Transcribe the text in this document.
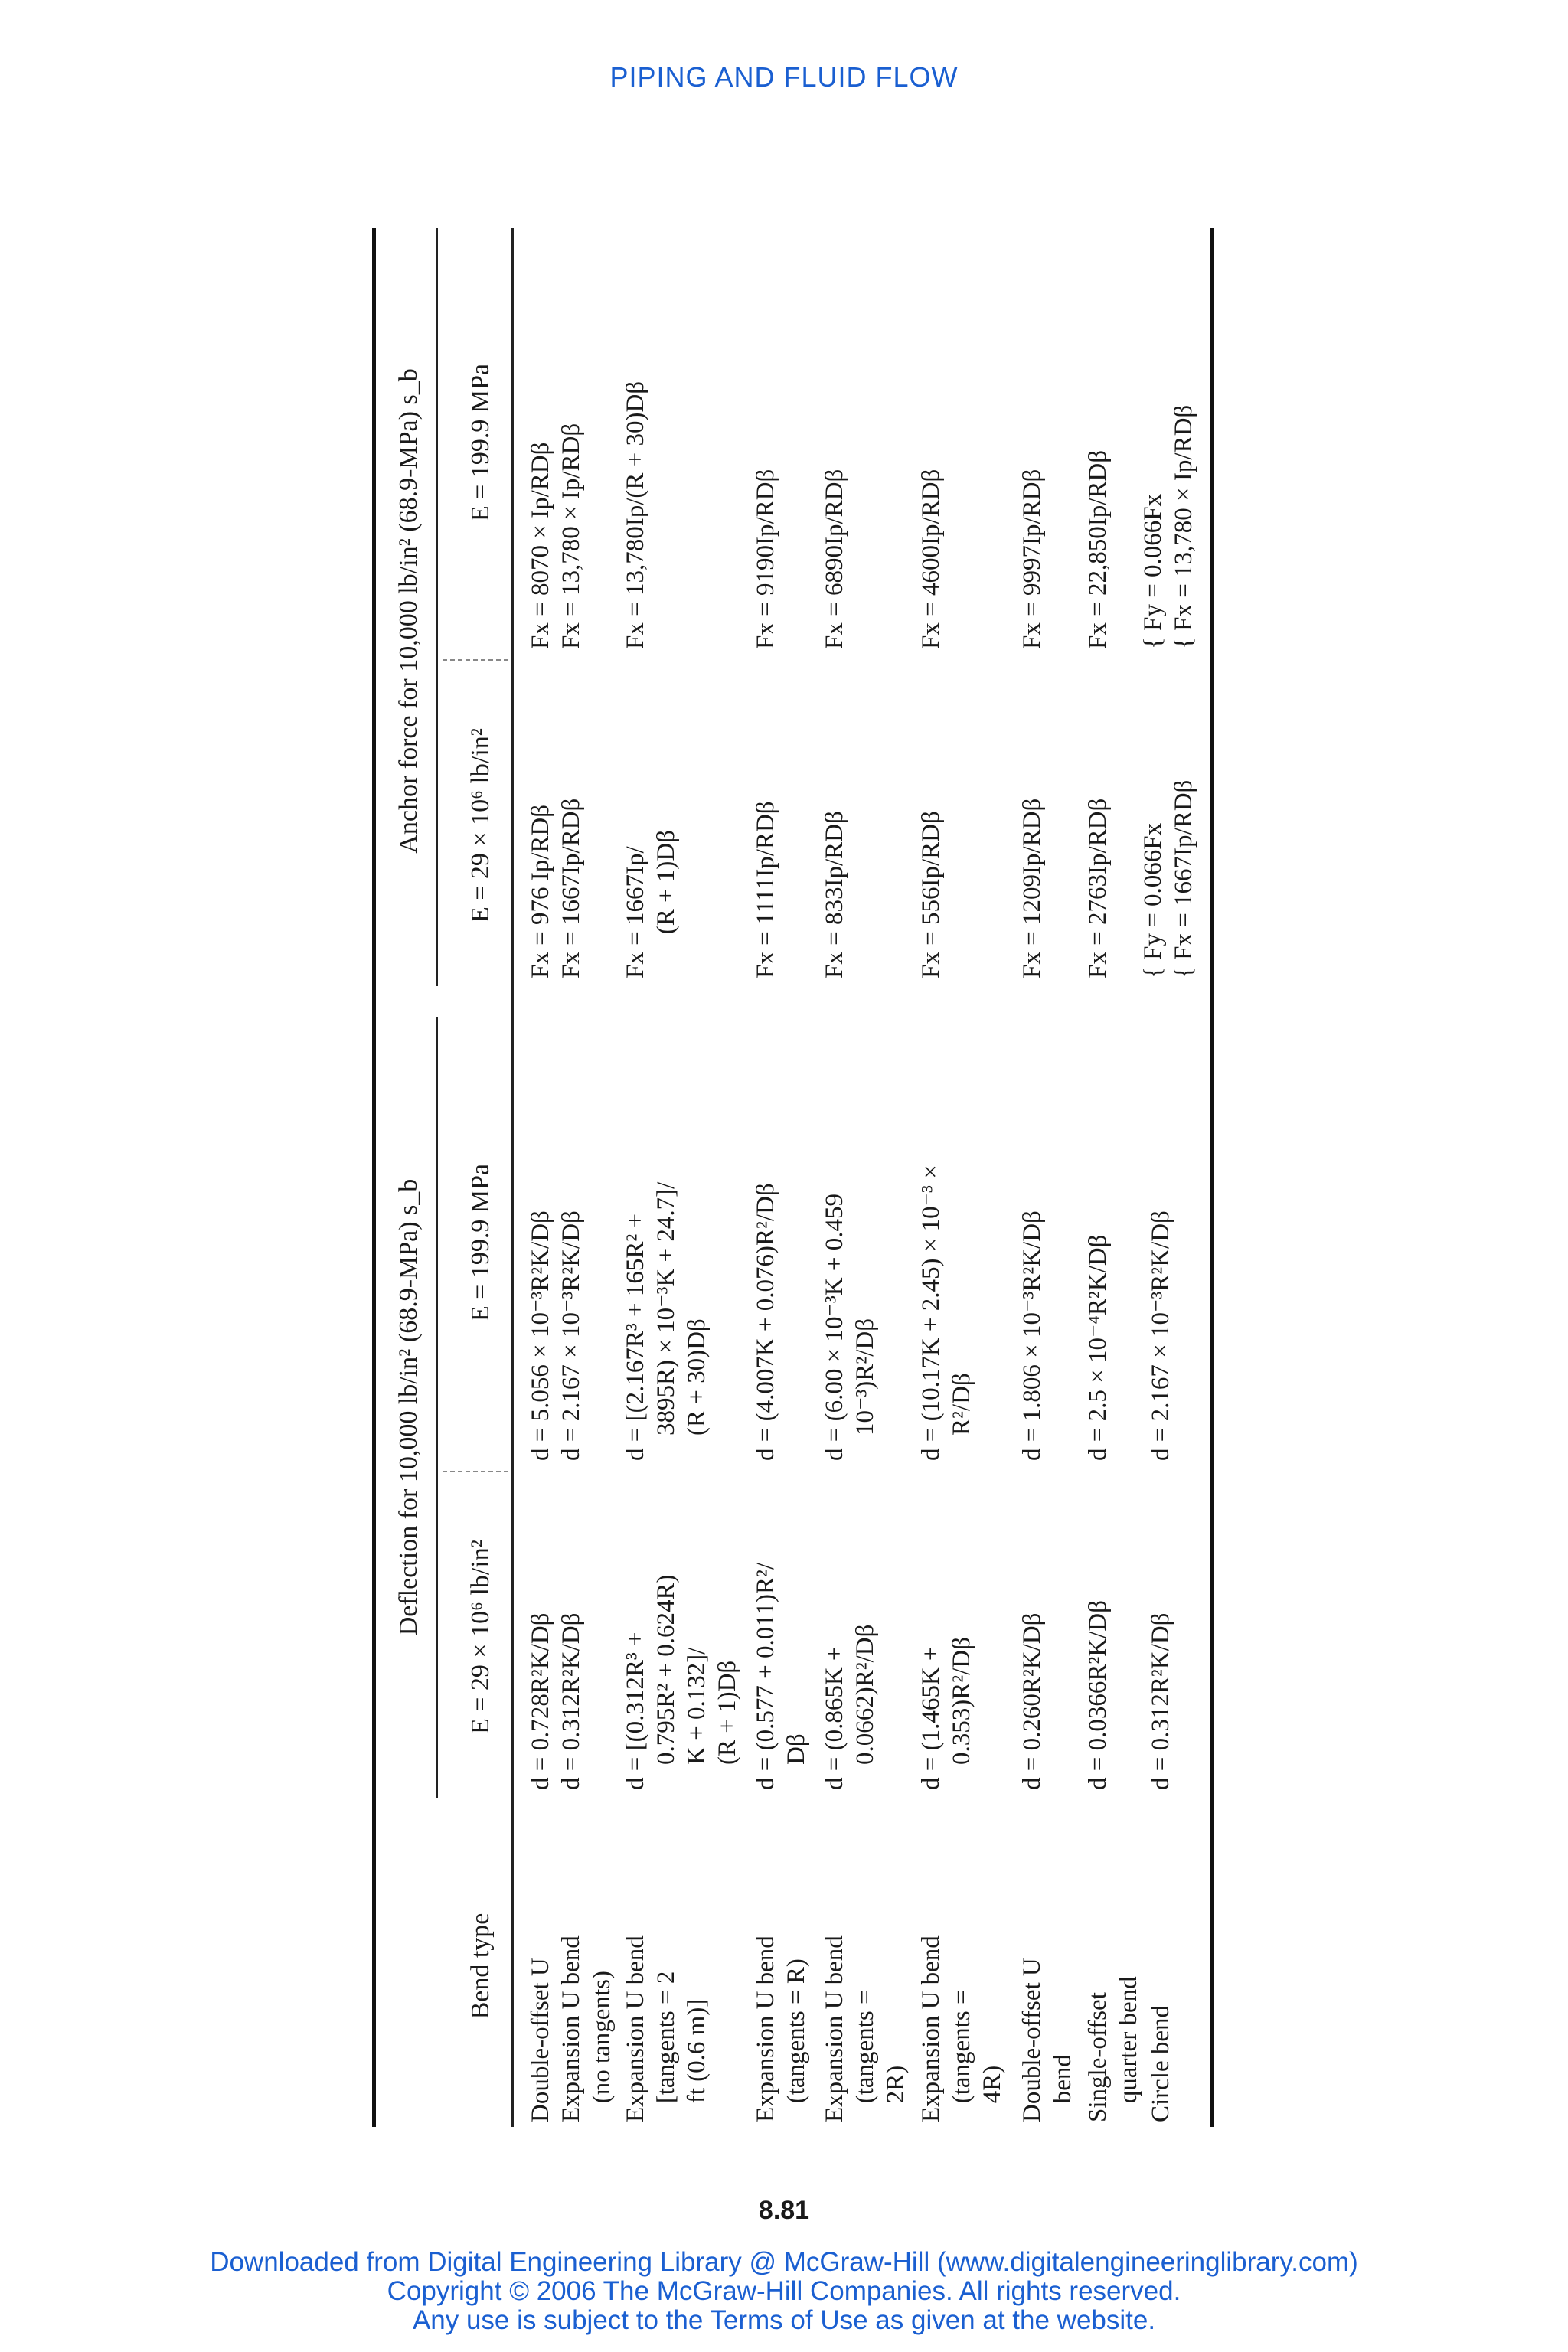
PIPING AND FLUID FLOW
Deflection for 10,000 lb/in² (68.9-MPa) s_b
Anchor force for 10,000 lb/in² (68.9-MPa) s_b
Bend type
E = 29 × 10⁶ lb/in²
E = 199.9 MPa
E = 29 × 10⁶ lb/in²
E = 199.9 MPa
Double-offset U
Expansion U bend
(no tangents)
d = 0.728R²K/Dβ
d = 0.312R²K/Dβ
d = 5.056 × 10⁻³R²K/Dβ
d = 2.167 × 10⁻³R²K/Dβ
Fx = 976 Ip/RDβ
Fx = 1667Ip/RDβ
Fx = 8070 × Ip/RDβ
Fx = 13,780 × Ip/RDβ
Expansion U bend
[tangents = 2
ft (0.6 m)]
d = [(0.312R³ +
0.795R² + 0.624R)
K + 0.132]/
(R + 1)Dβ
d = [(2.167R³ + 165R² +
3895R) × 10⁻³K + 24.7]/
(R + 30)Dβ
Fx = 1667Ip/
(R + 1)Dβ
Fx = 13,780Ip/(R + 30)Dβ
Expansion U bend
(tangents = R)
d = (0.577 + 0.011)R²/
Dβ
d = (4.007K + 0.076)R²/Dβ
Fx = 1111Ip/RDβ
Fx = 9190Ip/RDβ
Expansion U bend
(tangents =
2R)
d = (0.865K +
0.0662)R²/Dβ
d = (6.00 × 10⁻³K + 0.459
10⁻³)R²/Dβ
Fx = 833Ip/RDβ
Fx = 6890Ip/RDβ
Expansion U bend
(tangents =
4R)
d = (1.465K +
0.353)R²/Dβ
d = (10.17K + 2.45) × 10⁻³ ×
R²/Dβ
Fx = 556Ip/RDβ
Fx = 4600Ip/RDβ
Double-offset U
bend
d = 0.260R²K/Dβ
d = 1.806 × 10⁻³R²K/Dβ
Fx = 1209Ip/RDβ
Fx = 9997Ip/RDβ
Single-offset
quarter bend
d = 0.0366R²K/Dβ
d = 2.5 × 10⁻⁴R²K/Dβ
Fx = 2763Ip/RDβ
Fx = 22,850Ip/RDβ
Circle bend
d = 0.312R²K/Dβ
d = 2.167 × 10⁻³R²K/Dβ
{ Fy = 0.066Fx
{ Fx = 1667Ip/RDβ
{ Fy = 0.066Fx
{ Fx = 13,780 × Ip/RDβ
8.81
Downloaded from Digital Engineering Library @ McGraw-Hill (www.digitalengineeringlibrary.com)
Copyright © 2006 The McGraw-Hill Companies. All rights reserved.
Any use is subject to the Terms of Use as given at the website.
